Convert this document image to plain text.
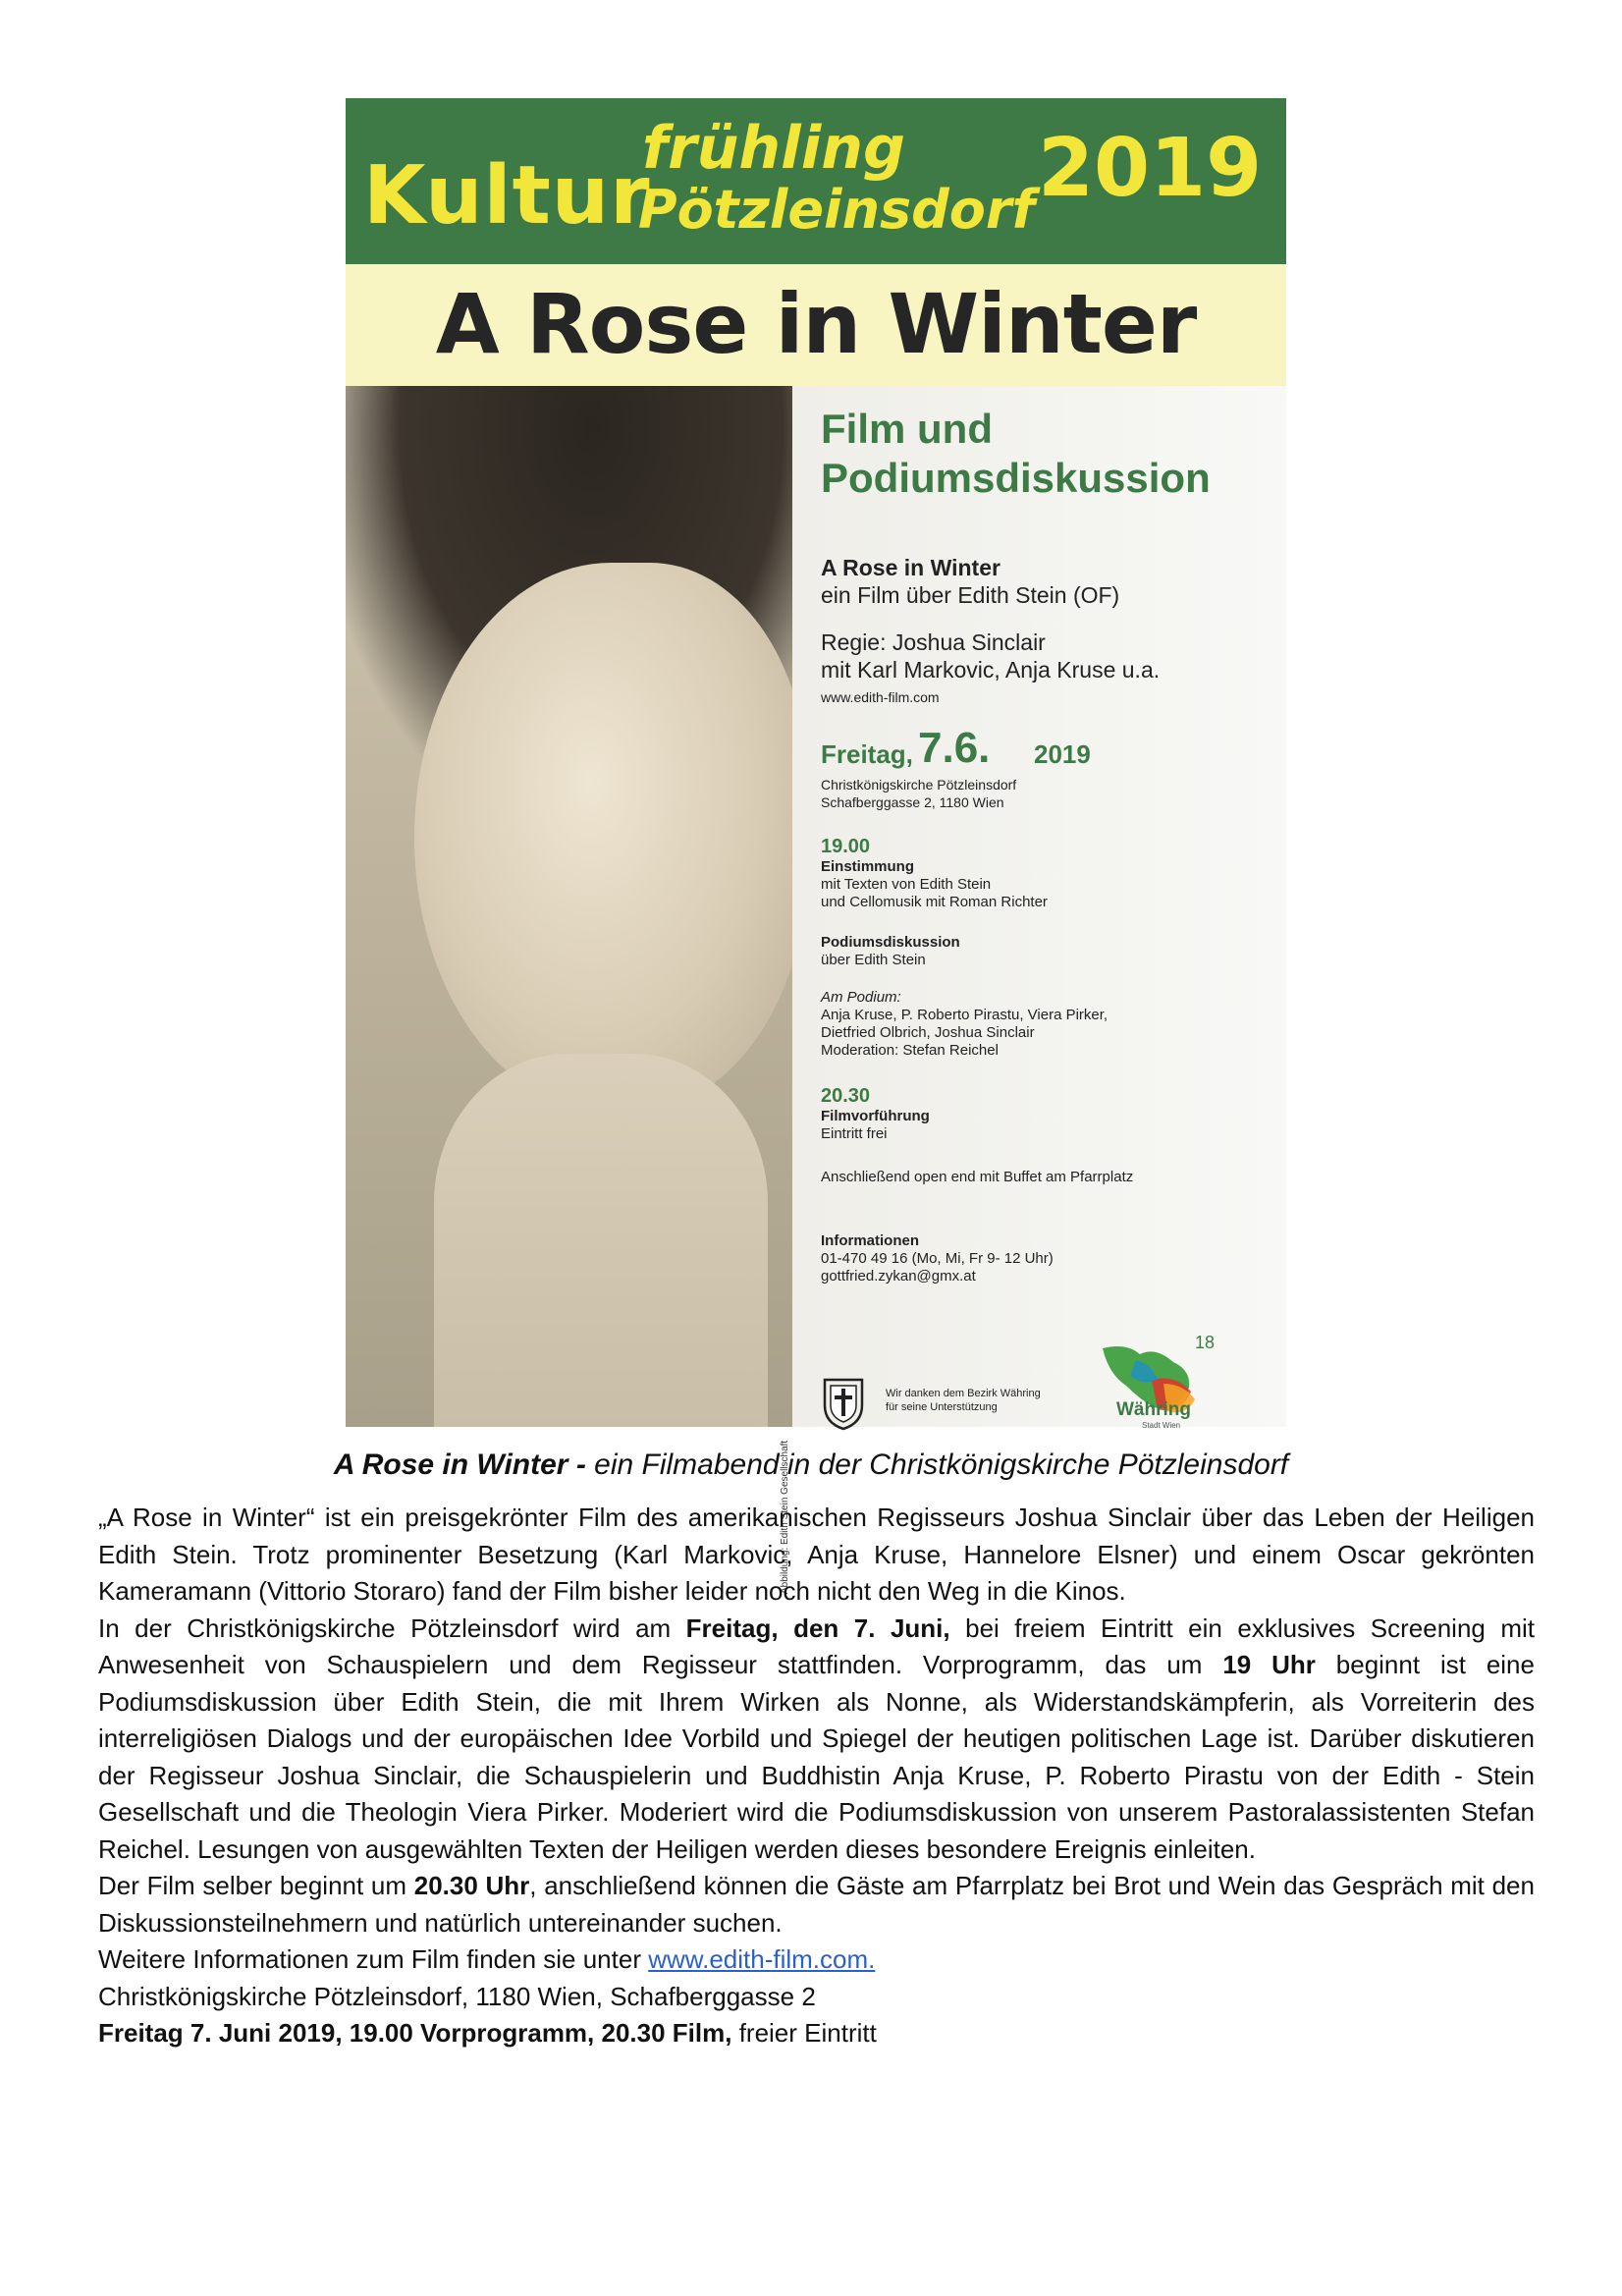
Kultur
frühling
Pötzleinsdorf 2019
A Rose in Winter
Abbildung: Edith Stein Gesellschaft
Film und
Podiumsdiskussion
A Rose in Winter
ein Film über Edith Stein (OF)
Regie: Joshua Sinclair
mit Karl Markovic, Anja Kruse u.a.
www.edith-film.com
Freitag, 7.6. 2019
Christkönigskirche Pötzleinsdorf
Schafberggasse 2, 1180 Wien
19.00
Einstimmung
mit Texten von Edith Stein
und Cellomusik mit Roman Richter
Podiumsdiskussion
über Edith Stein
Am Podium:
Anja Kruse, P. Roberto Pirastu, Viera Pirker,
Dietfried Olbrich, Joshua Sinclair
Moderation: Stefan Reichel
20.30
Filmvorführung
Eintritt frei
Anschließend open end mit Buffet am Pfarrplatz
Informationen
01-470 49 16 (Mo, Mi, Fr 9- 12 Uhr)
gottfried.zykan@gmx.at
Wir danken dem Bezirk Währing
für seine Unterstützung
18
Währing
Stadt Wien
A Rose in Winter - ein Filmabend in der Christkönigskirche Pötzleinsdorf

„A Rose in Winter“ ist ein preisgekrönter Film des amerikanischen Regisseurs Joshua Sinclair über das Leben der Heiligen Edith Stein. Trotz prominenter Besetzung (Karl Markovic, Anja Kruse, Hannelore Elsner) und einem Oscar gekrönten Kameramann (Vittorio Storaro) fand der Film bisher leider noch nicht den Weg in die Kinos.

In der Christkönigskirche Pötzleinsdorf wird am Freitag, den 7. Juni, bei freiem Eintritt ein exklusives Screening mit Anwesenheit von Schauspielern und dem Regisseur stattfinden. Vorprogramm, das um 19 Uhr beginnt ist eine Podiumsdiskussion über Edith Stein, die mit Ihrem Wirken als Nonne, als Widerstandskämpferin, als Vorreiterin des interreligiösen Dialogs und der europäischen Idee Vorbild und Spiegel der heutigen politischen Lage ist. Darüber diskutieren der Regisseur Joshua Sinclair, die Schauspielerin und Buddhistin Anja Kruse, P. Roberto Pirastu von der Edith - Stein Gesellschaft und die Theologin Viera Pirker. Moderiert wird die Podiumsdiskussion von unserem Pastoralassistenten Stefan Reichel. Lesungen von ausgewählten Texten der Heiligen werden dieses besondere Ereignis einleiten.

Der Film selber beginnt um 20.30 Uhr, anschließend können die Gäste am Pfarrplatz bei Brot und Wein das Gespräch mit den Diskussionsteilnehmern und natürlich untereinander suchen.

Weitere Informationen zum Film finden sie unter www.edith-film.com.

Christkönigskirche Pötzleinsdorf, 1180 Wien, Schafberggasse 2

Freitag 7. Juni 2019, 19.00 Vorprogramm, 20.30 Film, freier Eintritt
